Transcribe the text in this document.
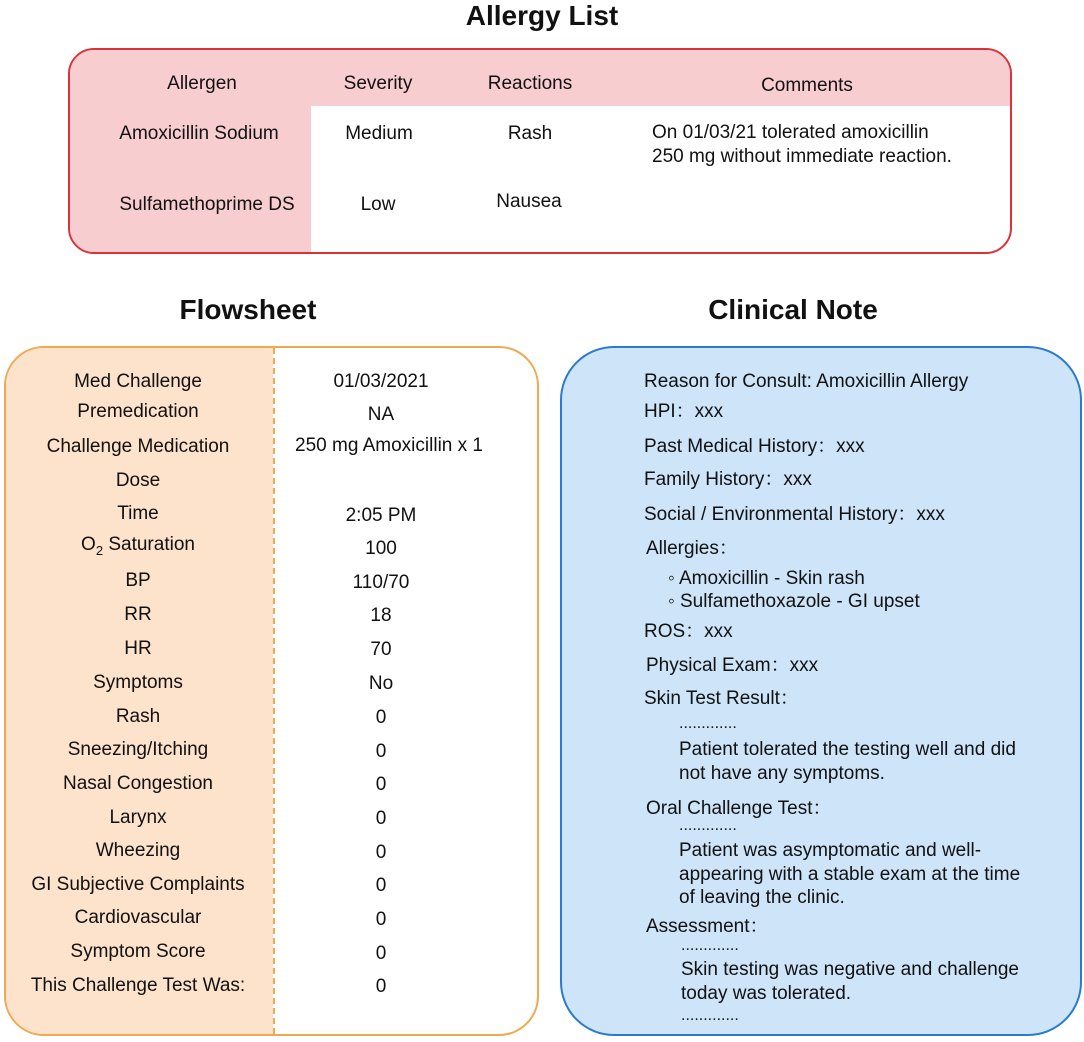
Allergy List
Allergen	Severity	Reactions	Comments
Amoxicillin Sodium	Medium	Rash	On 01/03/21 tolerated amoxicillin
250 mg without immediate reaction.
Sulfamethoprime DS	Low	Nausea
Flowsheet
Med Challenge	01/03/2021
Premedication	NA
Challenge Medication	250 mg Amoxicillin x 1
Dose
Time	2:05 PM
$O_2$ Saturation	100
BP	110/70
RR	18
HR	70
Symptoms	No
Rash	0
Sneezing/Itching	0
Nasal Congestion	0
Larynx	0
Wheezing	0
GI Subjective Complaints	0
Cardiovascular	0
Symptom Score	0
This Challenge Test Was:	0
Clinical Note
Reason for Consult: Amoxicillin Allergy
HPI：xxx
Past Medical History：xxx
Family History：xxx
Social / Environmental History：xxx
Allergies：
◦ Amoxicillin - Skin rash
◦ Sulfamethoxazole - GI upset
ROS：xxx
Physical Exam：xxx
Skin Test Result：
.............
Patient tolerated the testing well and did
not have any symptoms.
Oral Challenge Test：
.............
Patient was asymptomatic and well-
appearing with a stable exam at the time
of leaving the clinic.
Assessment：
.............
Skin testing was negative and challenge
today was tolerated.
.............
